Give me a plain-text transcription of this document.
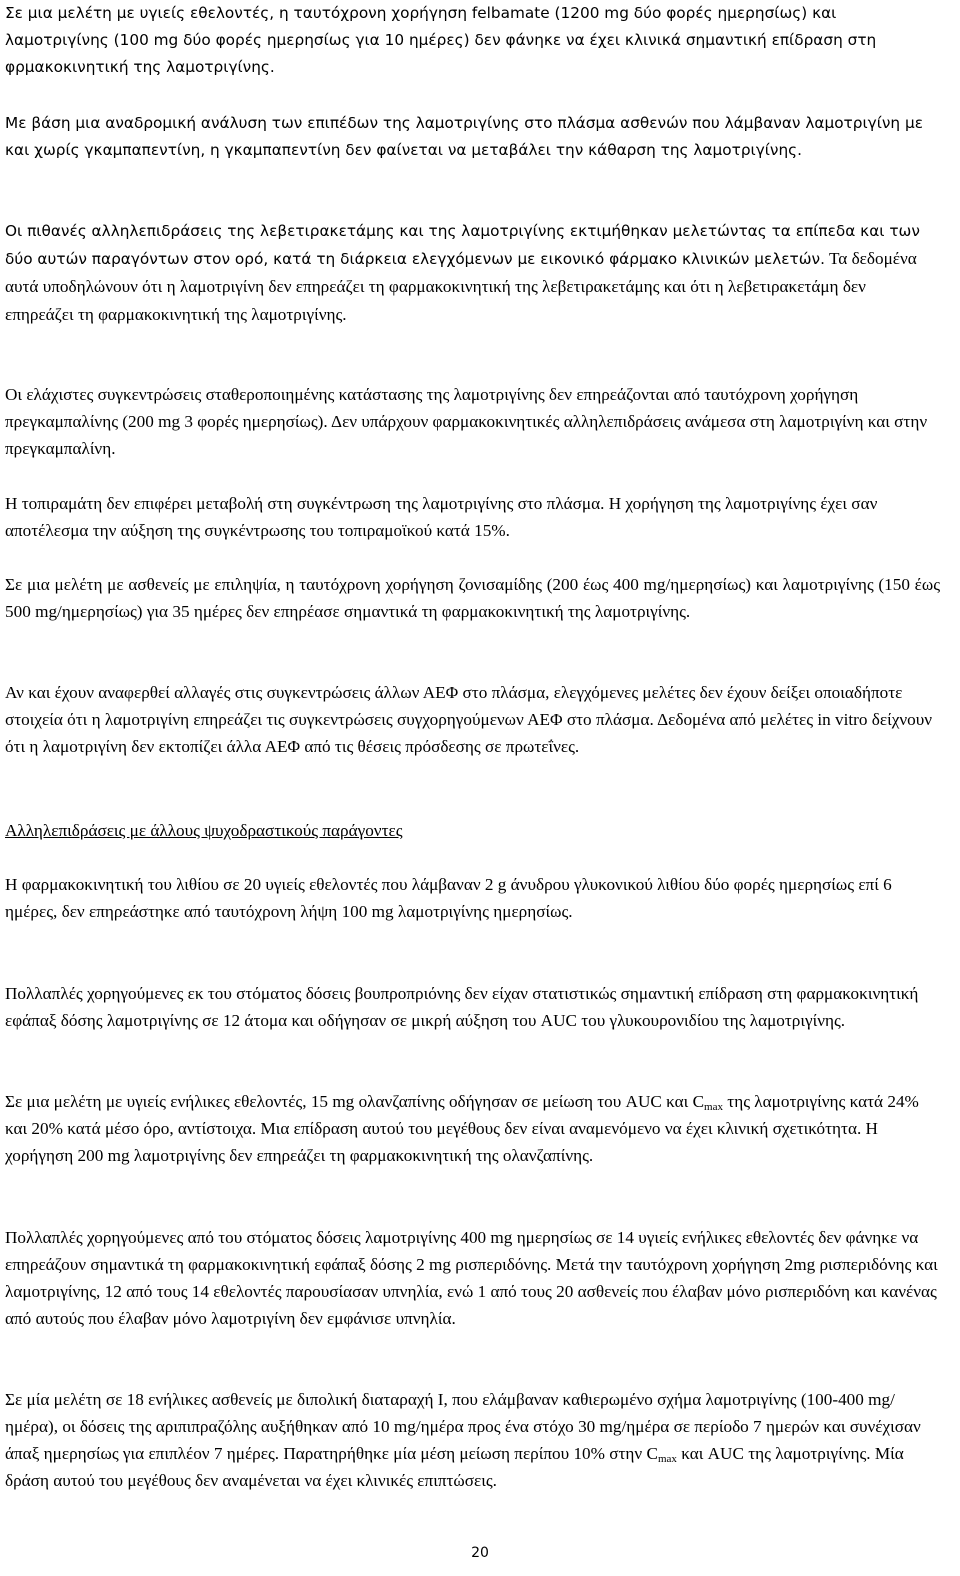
Σε μια μελέτη με υγιείς εθελοντές, η ταυτόχρονη χορήγηση felbamate (1200 mg δύο φορές ημερησίως) και λαμοτριγίνης (100 mg δύο φορές ημερησίως για 10 ημέρες) δεν φάνηκε να έχει κλινικά σημαντική επίδραση στη φρμακοκινητική της λαμοτριγίνης.

Με βάση μια αναδρομική ανάλυση των επιπέδων της λαμοτριγίνης στο πλάσμα ασθενών που λάμβαναν λαμοτριγίνη με και χωρίς γκαμπαπεντίνη, η γκαμπαπεντίνη δεν φαίνεται να μεταβάλει την κάθαρση της λαμοτριγίνης.

Οι πιθανές αλληλεπιδράσεις της λεβετιρακετάμης και της λαμοτριγίνης εκτιμήθηκαν μελετώντας τα επίπεδα και των δύο αυτών παραγόντων στον ορό, κατά τη διάρκεια ελεγχόμενων με εικονικό φάρμακο κλινικών μελετών. Τα δεδομένα αυτά υποδηλώνουν ότι η λαμοτριγίνη δεν επηρεάζει τη φαρμακοκινητική της λεβετιρακετάμης και ότι η λεβετιρακετάμη δεν επηρεάζει τη φαρμακοκινητική της λαμοτριγίνης.

Οι ελάχιστες συγκεντρώσεις σταθεροποιημένης κατάστασης της λαμοτριγίνης δεν επηρεάζονται από ταυτόχρονη χορήγηση πρεγκαμπαλίνης (200 mg 3 φορές ημερησίως). Δεν υπάρχουν φαρμακοκινητικές αλληλεπιδράσεις ανάμεσα στη λαμοτριγίνη και στην πρεγκαμπαλίνη.

Η τοπιραμάτη δεν επιφέρει μεταβολή στη συγκέντρωση της λαμοτριγίνης στο πλάσμα. Η χορήγηση της λαμοτριγίνης έχει σαν αποτέλεσμα την αύξηση της συγκέντρωσης του τοπιραμοϊκού κατά 15%.

Σε μια μελέτη με ασθενείς με επιληψία, η ταυτόχρονη χορήγηση ζονισαμίδης (200 έως 400 mg/ημερησίως) και λαμοτριγίνης (150 έως 500 mg/ημερησίως) για 35 ημέρες δεν επηρέασε σημαντικά τη φαρμακοκινητική της λαμοτριγίνης.

Αν και έχουν αναφερθεί αλλαγές στις συγκεντρώσεις άλλων ΑΕΦ στο πλάσμα, ελεγχόμενες μελέτες δεν έχουν δείξει οποιαδήποτε στοιχεία ότι η λαμοτριγίνη επηρεάζει τις συγκεντρώσεις συγχορηγούμενων ΑΕΦ στο πλάσμα. Δεδομένα από μελέτες in vitro δείχνουν ότι η λαμοτριγίνη δεν εκτοπίζει άλλα ΑΕΦ από τις θέσεις πρόσδεσης σε πρωτεΐνες.

Αλληλεπιδράσεις με άλλους ψυχοδραστικούς παράγοντες

Η φαρμακοκινητική του λιθίου σε 20 υγιείς εθελοντές που λάμβαναν 2 g άνυδρου γλυκονικού λιθίου δύο φορές ημερησίως επί 6 ημέρες, δεν επηρεάστηκε από ταυτόχρονη λήψη 100 mg λαμοτριγίνης ημερησίως.

Πολλαπλές χορηγούμενες εκ του στόματος δόσεις βουπροπριόνης δεν είχαν στατιστικώς σημαντική επίδραση στη φαρμακοκινητική εφάπαξ δόσης λαμοτριγίνης σε 12 άτομα και οδήγησαν σε μικρή αύξηση του AUC του γλυκουρονιδίου της λαμοτριγίνης.

Σε μια μελέτη με υγιείς ενήλικες εθελοντές, 15 mg ολανζαπίνης οδήγησαν σε μείωση του AUC και $C_{max}$ της λαμοτριγίνης κατά 24% και 20% κατά μέσο όρο, αντίστοιχα. Μια επίδραση αυτού του μεγέθους δεν είναι αναμενόμενο να έχει κλινική σχετικότητα. Η χορήγηση 200 mg λαμοτριγίνης δεν επηρεάζει τη φαρμακοκινητική της ολανζαπίνης.

Πολλαπλές χορηγούμενες από του στόματος δόσεις λαμοτριγίνης 400 mg ημερησίως σε 14 υγιείς ενήλικες εθελοντές δεν φάνηκε να επηρεάζουν σημαντικά τη φαρμακοκινητική εφάπαξ δόσης 2 mg ρισπεριδόνης. Μετά την ταυτόχρονη χορήγηση 2mg ρισπεριδόνης και λαμοτριγίνης, 12 από τους 14 εθελοντές παρουσίασαν υπνηλία, ενώ 1 από τους 20 ασθενείς που έλαβαν μόνο ρισπεριδόνη και κανένας από αυτούς που έλαβαν μόνο λαμοτριγίνη δεν εμφάνισε υπνηλία.

Σε μία μελέτη σε 18 ενήλικες ασθενείς με διπολική διαταραχή Ι, που ελάμβαναν καθιερωμένο σχήμα λαμοτριγίνης (100-400 mg/ημέρα), οι δόσεις της αριπιπραζόλης αυξήθηκαν από 10 mg/ημέρα προς ένα στόχο 30 mg/ημέρα σε περίοδο 7 ημερών και συνέχισαν άπαξ ημερησίως για επιπλέον 7 ημέρες. Παρατηρήθηκε μία μέση μείωση περίπου 10% στην $C_{max}$ και AUC της λαμοτριγίνης. Μία δράση αυτού του μεγέθους δεν αναμένεται να έχει κλινικές επιπτώσεις.

20
